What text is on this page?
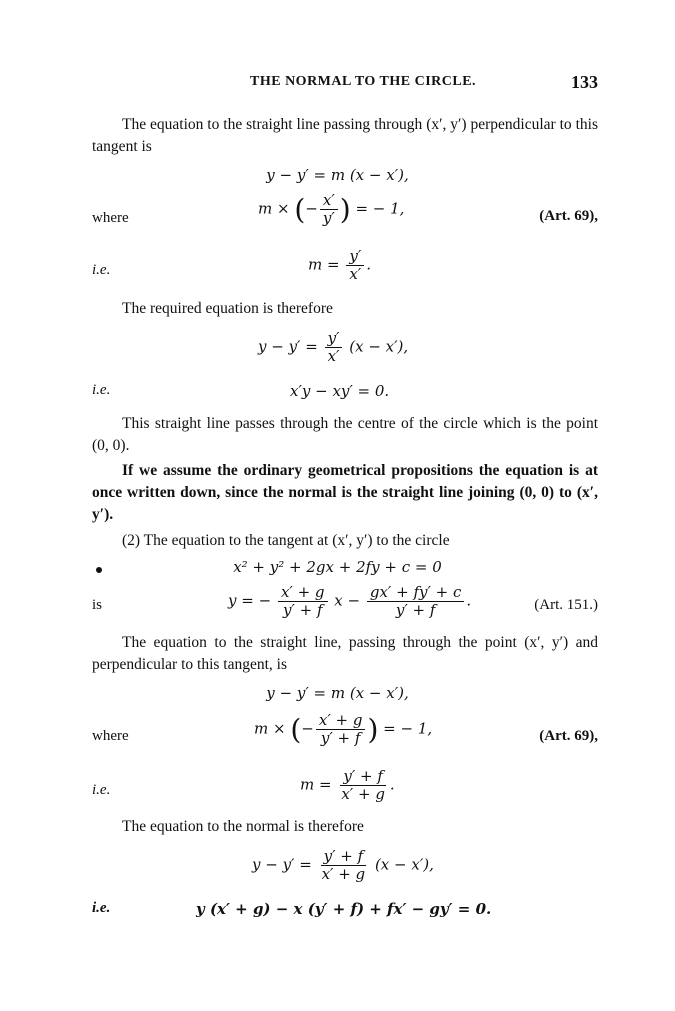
THE NORMAL TO THE CIRCLE.	133

The equation to the straight line passing through (x′, y′) perpendicular to this tangent is

y − y′ = m (x − x′),
where
m × (− $\frac{x'}{y'}$ ) = − 1,	(Art. 69),
i.e.	$m = \frac{y'}{x'}$ .

The required equation is therefore

$y - y' = \frac{y'}{x'} (x - x')$,
i.e.	x′y − xy′ = 0.

This straight line passes through the centre of the circle which is the point (0, 0).

If we assume the ordinary geometrical propositions the equation is at once written down, since the normal is the straight line joining (0, 0) to (x′, y′).

(2) The equation to the tangent at (x′, y′) to the circle

x² + y² + 2gx + 2fy + c = 0
is	y = − $\frac{x' + g}{y' + f}$ $x - \frac{gx' + fy' + c}{y' + f}$ .	(Art. 151.)

The equation to the straight line, passing through the point (x′, y′) and perpendicular to this tangent, is

y − y′ = m (x − x′),
where	m × (− $\frac{x' + g}{y' + f}$ ) = − 1,	(Art. 69),
i.e.	$m = \frac{y' + f}{x' + g}$ .

The equation to the normal is therefore

$y - y' = \frac{y' + f}{x' + g} (x - x')$,
i.e.	y (x′ + g) − x (y′ + f) + fx′ − gy′ = 0.
